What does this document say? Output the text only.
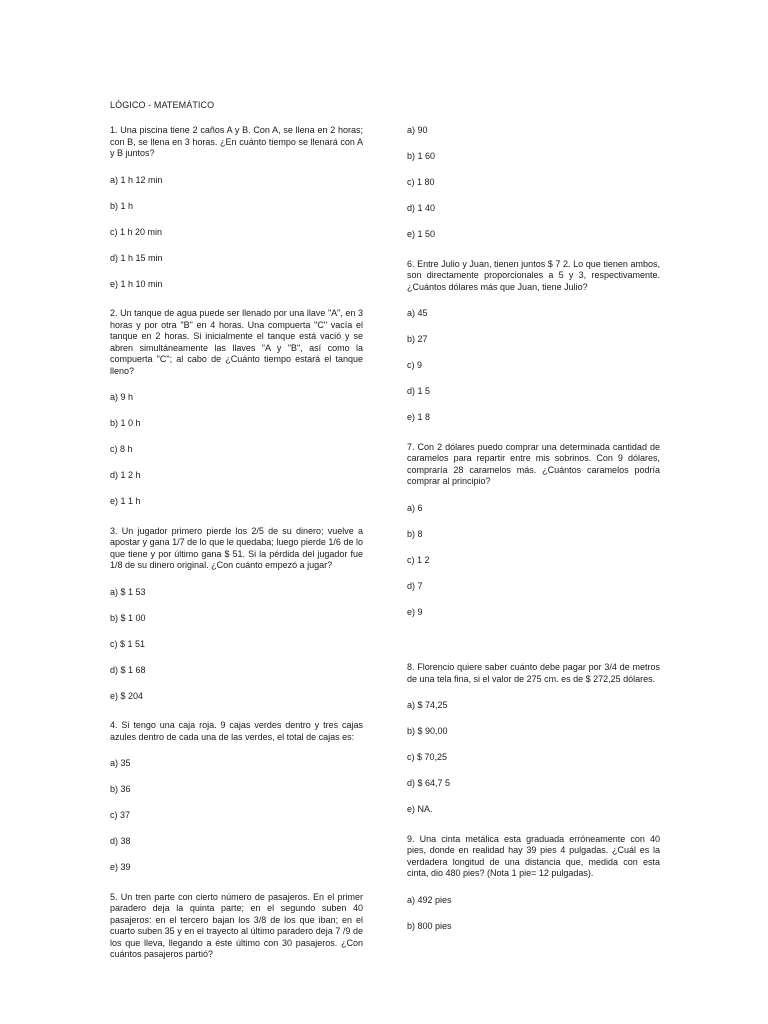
LÓGICO - MATEMÁTICO

1. Una piscina tiene 2 caños A y B. Con A, se llena en 2 horas; con B, se llena en 3 horas. ¿En cuánto tiempo se llenará con A y B juntos?

a) 1 h 12 min
b) 1 h
c) 1 h 20 min
d) 1 h 15 min
e) 1 h 10 min

2. Un tanque de agua puede ser llenado por una llave "A", en 3 horas y por otra "B" en 4 horas. Una compuerta "C" vacía el tanque en 2 horas. Si inicialmente el tanque está vació y se abren simultáneamente las llaves "A y "B", así como la compuerta "C"; al cabo de ¿Cuánto tiempo estará el tanque lleno?

a) 9 h
b) 1 0 h
c) 8 h
d) 1 2 h
e) 1 1 h

3. Un jugador primero pierde los 2/5 de su dinero; vuelve a apostar y gana 1/7 de lo que le quedaba; luego pierde 1/6 de lo que tiene y por último gana $ 51. Si la pérdida del jugador fue 1/8 de su dinero original. ¿Con cuánto empezó a jugar?

a) $ 1 53
b) $ 1 00
c) $ 1 51
d) $ 1 68
e) $ 204

4. Si tengo una caja roja. 9 cajas verdes dentro y tres cajas azules dentro de cada una de las verdes, el total de cajas es:

a) 35
b) 36
c) 37
d) 38
e) 39

5. Un tren parte con cierto número de pasajeros. En el primer paradero deja la quinta parte; en el segundo suben 40 pasajeros: en el tercero bajan los 3/8 de los que iban; en el cuarto suben 35 y en el trayecto al último paradero deja 7 /9 de los que lleva, llegando a éste último con 30 pasajeros. ¿Con cuántos pasajeros partió?

a) 90
b) 1 60
c) 1 80
d) 1 40
e) 1 50

6. Entre Julio y Juan, tienen juntos $ 7 2. Lo que tienen ambos, son directamente proporcionales a 5 y 3, respectivamente. ¿Cuántos dólares más que Juan, tiene Julio?

a) 45
b) 27
c) 9
d) 1 5
e) 1 8

7. Con 2 dólares puedo comprar una determinada cantidad de caramelos para repartir entre mis sobrinos. Con 9 dólares, compraría 28 caramelos más. ¿Cuántos caramelos podría comprar al principio?

a) 6
b) 8
c) 1 2
d) 7
e) 9

8. Florencio quiere saber cuánto debe pagar por 3/4 de metros de una tela fina, si el valor de 275 cm. es de $ 272,25 dólares.

a) $ 74,25
b) $ 90,00
c) $ 70,25
d) $ 64,7 5
e) NA.

9. Una cinta metálica esta graduada erróneamente con 40 pies, donde en realidad hay 39 pies 4 pulgadas. ¿Cuál es la verdadera longitud de una distancia que, medida con esta cinta, dio 480 pies? (Nota 1 pie= 12 pulgadas).

a) 492 pies
b) 800 pies
